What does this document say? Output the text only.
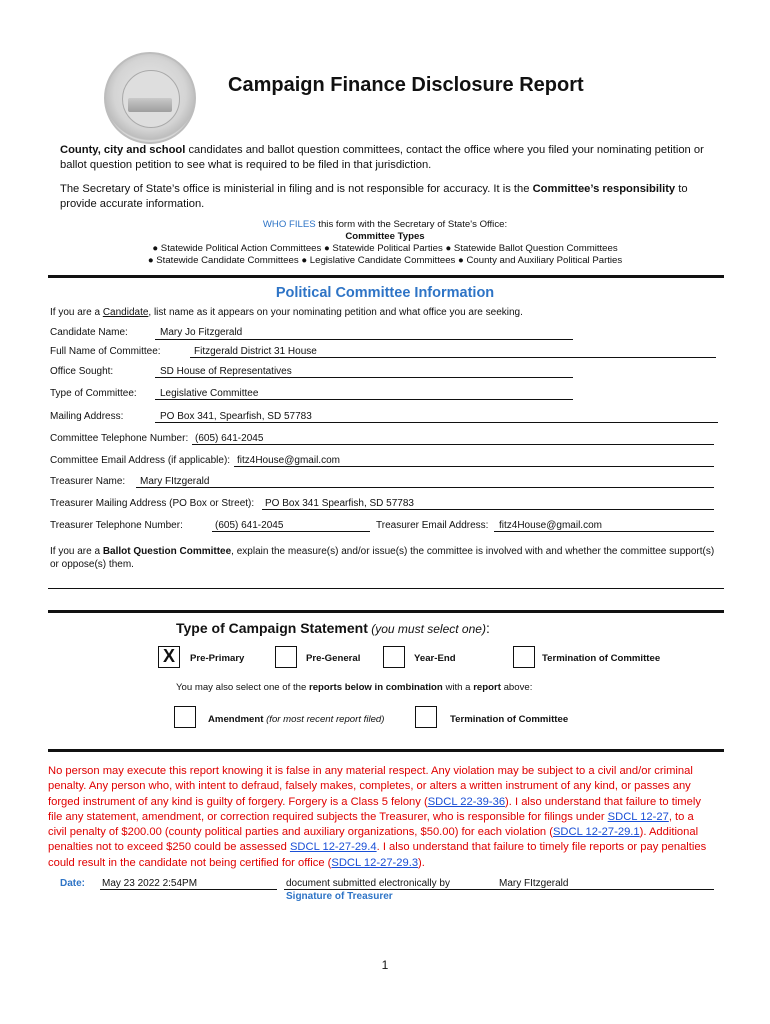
Campaign Finance Disclosure Report
County, city and school candidates and ballot question committees, contact the office where you filed your nominating petition or ballot question petition to see what is required to be filed in that jurisdiction.
The Secretary of State’s office is ministerial in filing and is not responsible for accuracy. It is the Committee’s responsibility to provide accurate information.
WHO FILES this form with the Secretary of State's Office:
Committee Types
● Statewide Political Action Committees ● Statewide Political Parties ● Statewide Ballot Question Committees
● Statewide Candidate Committees ● Legislative Candidate Committees ● County and Auxiliary Political Parties
Political Committee Information
If you are a Candidate, list name as it appears on your nominating petition and what office you are seeking.
Candidate Name:	Mary Jo Fitzgerald
Full Name of Committee:	Fitzgerald District 31 House
Office Sought:	SD House of Representatives
Type of Committee: Legislative Committee
Mailing Address:	PO Box 341, Spearfish, SD 57783
Committee Telephone Number: (605) 641-2045
Committee Email Address (if applicable): fitz4House@gmail.com
Treasurer Name: Mary FItzgerald
Treasurer Mailing Address (PO Box or Street): PO Box 341 Spearfish, SD 57783
Treasurer Telephone Number:	(605) 641-2045	Treasurer Email Address: fitz4House@gmail.com
If you are a Ballot Question Committee, explain the measure(s) and/or issue(s) the committee is involved with and whether the committee support(s) or oppose(s) them.
Type of Campaign Statement (you must select one):
X	Pre-Primary	Pre-General	Year-End	Termination of Committee
You may also select one of the reports below in combination with a report above:
Amendment (for most recent report filed)	Termination of Committee
No person may execute this report knowing it is false in any material respect. Any violation may be subject to a civil and/or criminal penalty. Any person who, with intent to defraud, falsely makes, completes, or alters a written instrument of any kind, or passes any forged instrument of any kind is guilty of forgery. Forgery is a Class 5 felony (SDCL 22-39-36). I also understand that failure to timely file any statement, amendment, or correction required subjects the Treasurer, who is responsible for filings under SDCL 12-27, to a civil penalty of $200.00 (county political parties and auxiliary organizations, $50.00) for each violation (SDCL 12-27-29.1). Additional penalties not to exceed $250 could be assessed SDCL 12-27-29.4. I also understand that failure to timely file reports or pay penalties could result in the candidate not being certified for office (SDCL 12-27-29.3).
Date: May 23 2022 2:54PM	document submitted electronically by	Mary FItzgerald
Signature of Treasurer
1
